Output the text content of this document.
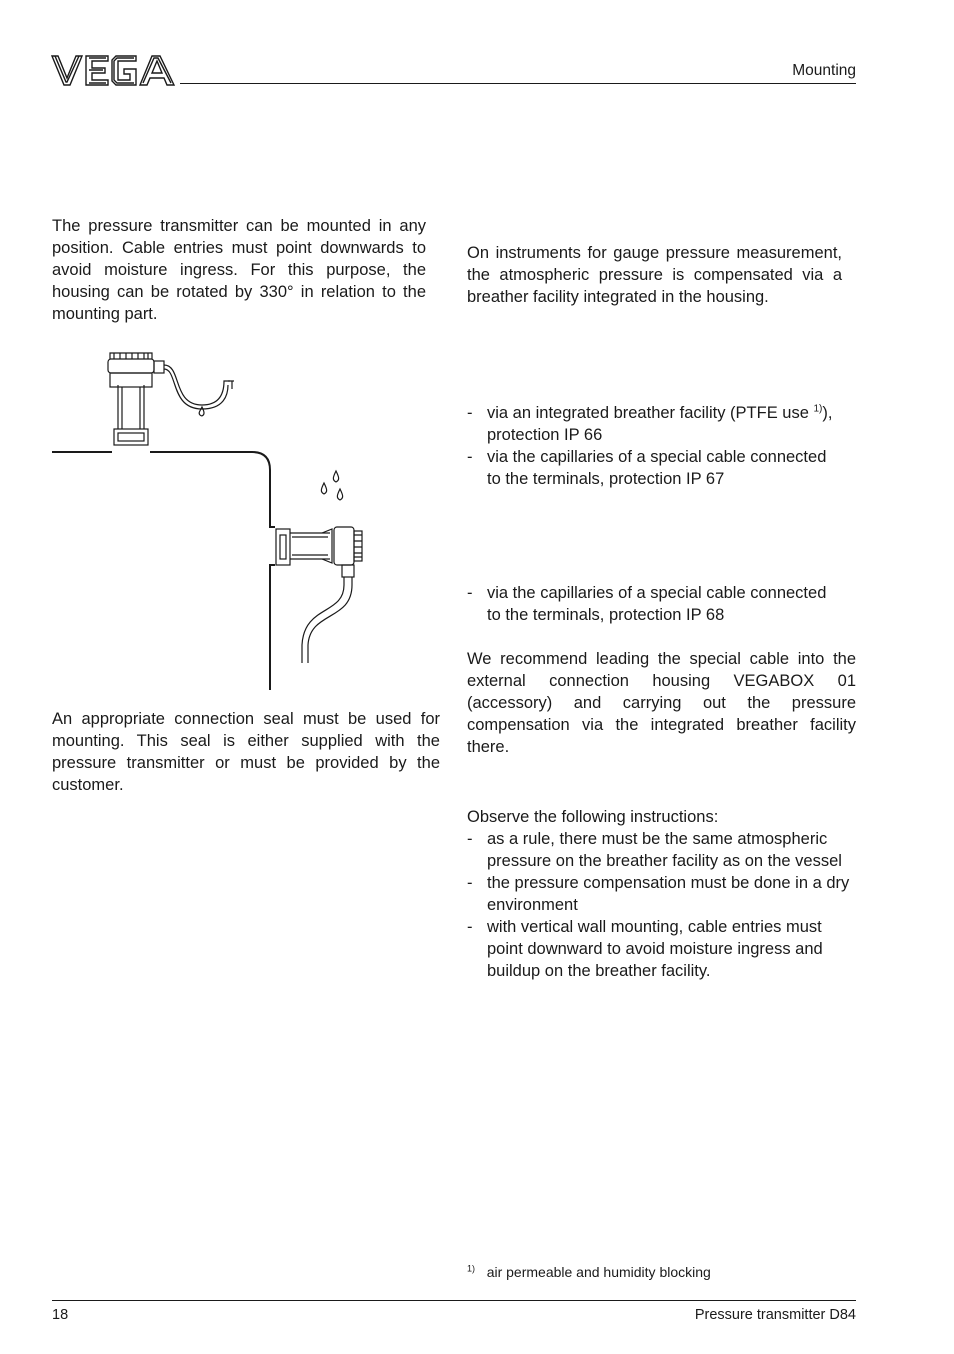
Mounting
The pressure transmitter can be mounted in any position. Cable entries must point downwards to avoid moisture ingress. For this purpose, the housing can be rotated by 330° in relation to the mounting part.
An appropriate connection seal must be used for mounting. This seal is either supplied with the pressure transmitter or must be provided by the customer.
On instruments for gauge pressure measurement, the atmospheric pressure is compensated via a breather facility integrated in the housing.
- via an integrated breather facility (PTFE use $^{1)}$), protection IP 66
- via the capillaries of a special cable connected to the terminals, protection IP 67
- via the capillaries of a special cable connected to the terminals, protection IP 68
We recommend leading the special cable into the external connection housing VEGABOX 01 (accessory) and carrying out the pressure compensation via the integrated breather facility there.
Observe the following instructions:
- as a rule, there must be the same atmospheric pressure on the breather facility as on the vessel
- the pressure compensation must be done in a dry environment
- with vertical wall mounting, cable entries must point downward to avoid moisture ingress and buildup on the breather facility.
$^{1)}$ air permeable and humidity blocking
18	Pressure transmitter D84
